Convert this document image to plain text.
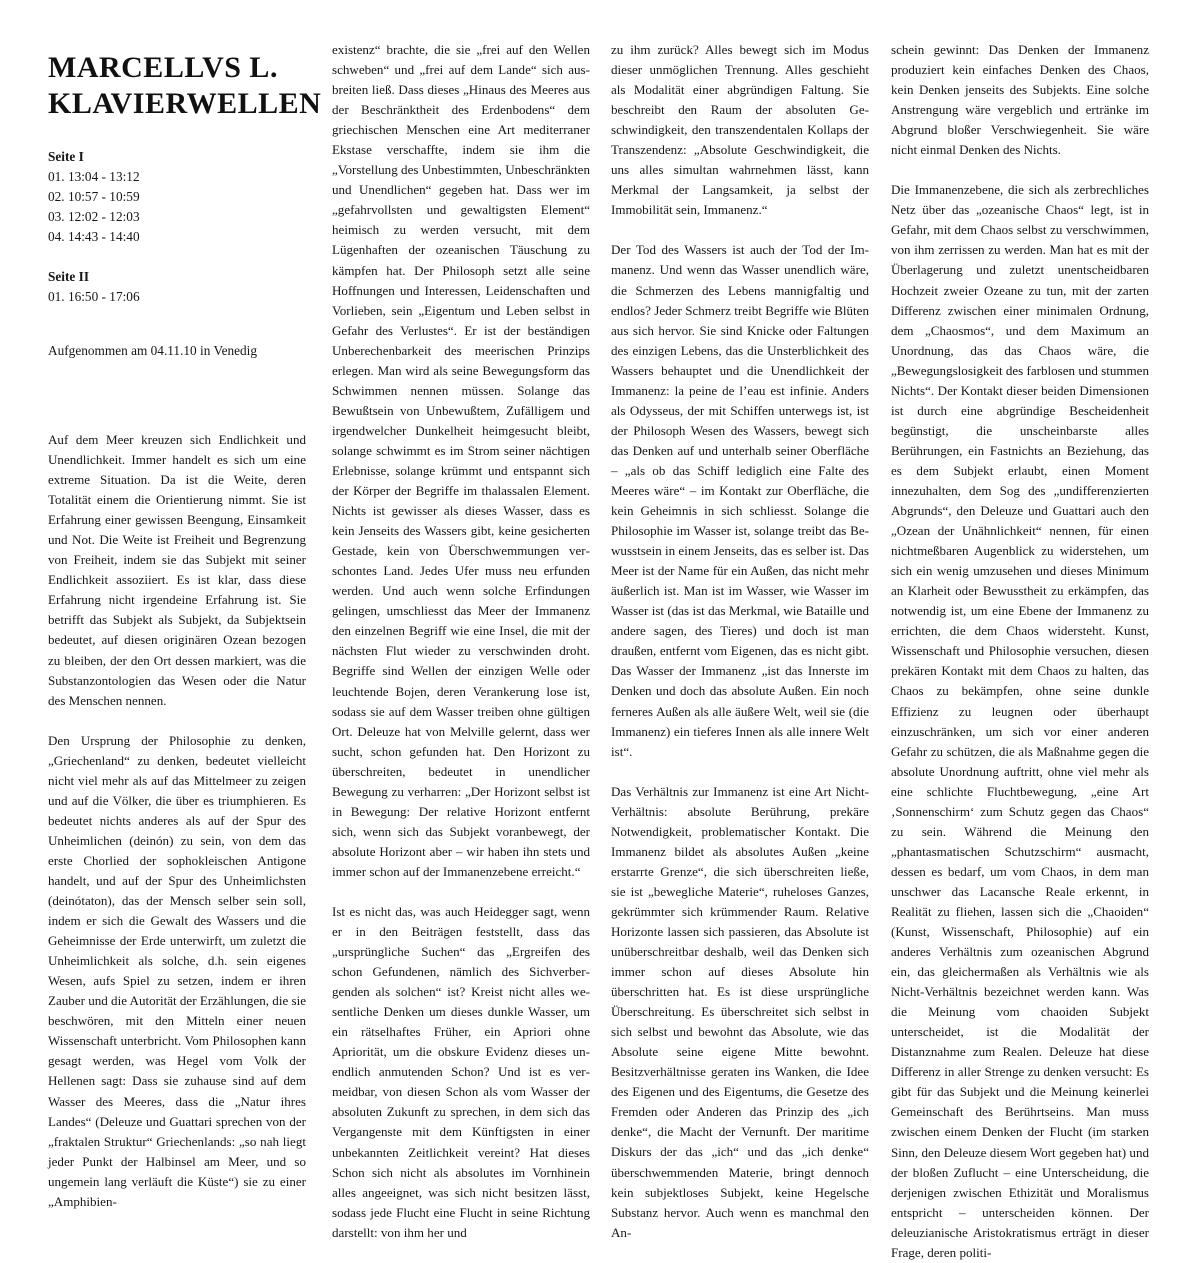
MARCELLVS L.
KLAVIERWELLEN
Seite I
01. 13:04 - 13:12
02. 10:57 - 10:59
03. 12:02 - 12:03
04. 14:43 - 14:40
Seite II
01. 16:50 - 17:06
Aufgenommen am 04.11.10 in Venedig

Auf dem Meer kreuzen sich Endlichkeit und Unendlichkeit. Immer handelt es sich um eine extreme Situation. Da ist die Weite, deren Totalität einem die Orientierung nimmt. Sie ist Erfahrung einer gewissen Beengung, Einsamkeit und Not. Die Weite ist Freiheit und Begrenzung von Freiheit, indem sie das Subjekt mit seiner Endlichkeit assoziiert. Es ist klar, dass diese Erfahrung nicht irgendeine Erfahrung ist. Sie betrifft das Subjekt als Subjekt, da Subjektsein bedeutet, auf diesen originären Ozean bezogen zu bleiben, der den Ort dessen markiert, was die Substanzontologien das Wesen oder die Natur des Menschen nennen.

Den Ursprung der Philosophie zu denken, „Griechenland“ zu denken, bedeutet vielleicht nicht viel mehr als auf das Mittelmeer zu zeigen und auf die Völker, die über es triumphieren. Es bedeutet nichts anderes als auf der Spur des Unheimlichen (deinón) zu sein, von dem das erste Chorlied der sophokleischen Antigone handelt, und auf der Spur des Unheimlichsten (deinótaton), das der Mensch selber sein soll, indem er sich die Gewalt des Wassers und die Geheimnisse der Erde unterwirft, um zuletzt die Unheimlichkeit als solche, d.h. sein eigenes Wesen, aufs Spiel zu setzen, indem er ihren Zauber und die Autorität der Erzählungen, die sie beschwören, mit den Mitteln einer neuen Wissenschaft unterbricht. Vom Philosophen kann gesagt werden, was Hegel vom Volk der Hellenen sagt: Dass sie zuhause sind auf dem Wasser des Meeres, dass die „Natur ihres Landes“ (Deleuze und Guattari sprechen von der „fraktalen Struktur“ Griechenlands: „so nah liegt jeder Punkt der Halbinsel am Meer, und so ungemein lang verläuft die Küste“) sie zu einer „Amphibien-

existenz“ brachte, die sie „frei auf den Wellen schweben“ und „frei auf dem Lande“ sich ausbreiten ließ. Dass dieses „Hinaus des Meeres aus der Beschränktheit des Erdenbodens“ dem griechischen Menschen eine Art mediterraner Ekstase verschaffte, indem sie ihm die „Vorstellung des Unbestimmten, Unbeschränkten und Unendlichen“ gegeben hat. Dass wer im „gefahrvollsten und gewaltigsten Element“ heimisch zu werden versucht, mit dem Lügenhaften der ozeanischen Täuschung zu kämpfen hat. Der Philosoph setzt alle seine Hoffnungen und Interessen, Leidenschaften und Vorlieben, sein „Eigentum und Leben selbst in Gefahr des Verlustes“. Er ist der beständigen Unberechenbarkeit des meerischen Prinzips erlegen. Man wird als seine Bewegungsform das Schwimmen nennen müssen. Solange das Bewußtsein von Unbewußtem, Zufälligem und irgendwelcher Dunkelheit heimgesucht bleibt, solange schwimmt es im Strom seiner nächtigen Erlebnisse, solange krümmt und entspannt sich der Körper der Begriffe im thalassalen Element. Nichts ist gewisser als dieses Wasser, dass es kein Jenseits des Wassers gibt, keine gesicherten Gestade, kein von Überschwemmungen verschontes Land. Jedes Ufer muss neu erfunden werden. Und auch wenn solche Erfindungen gelingen, umschliesst das Meer der Immanenz den einzelnen Begriff wie eine Insel, die mit der nächsten Flut wieder zu verschwinden droht. Begriffe sind Wellen der einzigen Welle oder leuchtende Bojen, deren Verankerung lose ist, sodass sie auf dem Wasser treiben ohne gültigen Ort. Deleuze hat von Melville gelernt, dass wer sucht, schon gefunden hat. Den Horizont zu überschreiten, bedeutet in unendlicher Bewegung zu verharren: „Der Horizont selbst ist in Bewegung: Der relative Horizont entfernt sich, wenn sich das Subjekt voranbewegt, der absolute Horizont aber – wir haben ihn stets und immer schon auf der Immanenzebene erreicht.“

Ist es nicht das, was auch Heidegger sagt, wenn er in den Beiträgen feststellt, dass das „ursprüngliche Suchen“ das „Ergreifen des schon Gefundenen, nämlich des Sichverbergenden als solchen“ ist? Kreist nicht alles wesentliche Denken um dieses dunkle Wasser, um ein rätselhaftes Früher, ein Apriori ohne Apriorität, um die obskure Evidenz dieses unendlich anmutenden Schon? Und ist es vermeidbar, von diesen Schon als vom Wasser der absoluten Zukunft zu sprechen, in dem sich das Vergangenste mit dem Künftigsten in einer unbekannten Zeitlichkeit vereint? Hat dieses Schon sich nicht als absolutes im Vornhinein alles angeeignet, was sich nicht besitzen lässt, sodass jede Flucht eine Flucht in seine Richtung darstellt: von ihm her und

zu ihm zurück? Alles bewegt sich im Modus dieser unmöglichen Trennung. Alles geschieht als Modalität einer abgründigen Faltung. Sie beschreibt den Raum der absoluten Geschwindigkeit, den transzendentalen Kollaps der Transzendenz: „Absolute Geschwindigkeit, die uns alles simultan wahrnehmen lässt, kann Merkmal der Langsamkeit, ja selbst der Immobilität sein, Immanenz.“

Der Tod des Wassers ist auch der Tod der Immanenz. Und wenn das Wasser unendlich wäre, die Schmerzen des Lebens mannigfaltig und endlos? Jeder Schmerz treibt Begriffe wie Blüten aus sich hervor. Sie sind Knicke oder Faltungen des einzigen Lebens, das die Unsterblichkeit des Wassers behauptet und die Unendlichkeit der Immanenz: la peine de l’eau est infinie. Anders als Odysseus, der mit Schiffen unterwegs ist, ist der Philosoph Wesen des Wassers, bewegt sich das Denken auf und unterhalb seiner Oberfläche – „als ob das Schiff lediglich eine Falte des Meeres wäre“ – im Kontakt zur Oberfläche, die kein Geheimnis in sich schliesst. Solange die Philosophie im Wasser ist, solange treibt das Bewusstsein in einem Jenseits, das es selber ist. Das Meer ist der Name für ein Außen, das nicht mehr äußerlich ist. Man ist im Wasser, wie Wasser im Wasser ist (das ist das Merkmal, wie Bataille und andere sagen, des Tieres) und doch ist man draußen, entfernt vom Eigenen, das es nicht gibt. Das Wasser der Immanenz „ist das Innerste im Denken und doch das absolute Außen. Ein noch ferneres Außen als alle äußere Welt, weil sie (die Immanenz) ein tieferes Innen als alle innere Welt ist“.

Das Verhältnis zur Immanenz ist eine Art Nicht-Verhältnis: absolute Berührung, prekäre Notwendigkeit, problematischer Kontakt. Die Immanenz bildet als absolutes Außen „keine erstarrte Grenze“, die sich überschreiten ließe, sie ist „bewegliche Materie“, ruheloses Ganzes, gekrümmter sich krümmender Raum. Relative Horizonte lassen sich passieren, das Absolute ist unüberschreitbar deshalb, weil das Denken sich immer schon auf dieses Absolute hin überschritten hat. Es ist diese ursprüngliche Überschreitung. Es überschreitet sich selbst in sich selbst und bewohnt das Absolute, wie das Absolute seine eigene Mitte bewohnt. Besitzverhältnisse geraten ins Wanken, die Idee des Eigenen und des Eigentums, die Gesetze des Fremden oder Anderen das Prinzip des „ich denke“, die Macht der Vernunft. Der maritime Diskurs der das „ich“ und das „ich denke“ überschwemmenden Materie, bringt dennoch kein subjektloses Subjekt, keine Hegelsche Substanz hervor. Auch wenn es manchmal den An-

schein gewinnt: Das Denken der Immanenz produziert kein einfaches Denken des Chaos, kein Denken jenseits des Subjekts. Eine solche Anstrengung wäre vergeblich und ertränke im Abgrund bloßer Verschwiegenheit. Sie wäre nicht einmal Denken des Nichts.

Die Immanenzebene, die sich als zerbrechliches Netz über das „ozeanische Chaos“ legt, ist in Gefahr, mit dem Chaos selbst zu verschwimmen, von ihm zerrissen zu werden. Man hat es mit der Überlagerung und zuletzt unentscheidbaren Hochzeit zweier Ozeane zu tun, mit der zarten Differenz zwischen einer minimalen Ordnung, dem „Chaosmos“, und dem Maximum an Unordnung, das das Chaos wäre, die „Bewegungslosigkeit des farblosen und stummen Nichts“. Der Kontakt dieser beiden Dimensionen ist durch eine abgründige Bescheidenheit begünstigt, die unscheinbarste alles Berührungen, ein Fastnichts an Beziehung, das es dem Subjekt erlaubt, einen Moment innezuhalten, dem Sog des „undifferenzierten Abgrunds“, den Deleuze und Guattari auch den „Ozean der Unähnlichkeit“ nennen, für einen nichtmeßbaren Augenblick zu widerstehen, um sich ein wenig umzusehen und dieses Minimum an Klarheit oder Bewusstheit zu erkämpfen, das notwendig ist, um eine Ebene der Immanenz zu errichten, die dem Chaos widersteht. Kunst, Wissenschaft und Philosophie versuchen, diesen prekären Kontakt mit dem Chaos zu halten, das Chaos zu bekämpfen, ohne seine dunkle Effizienz zu leugnen oder überhaupt einzuschränken, um sich vor einer anderen Gefahr zu schützen, die als Maßnahme gegen die absolute Unordnung auftritt, ohne viel mehr als eine schlichte Fluchtbewegung, „eine Art ‚Sonnenschirm‘ zum Schutz gegen das Chaos“ zu sein. Während die Meinung den „phantasmatischen Schutzschirm“ ausmacht, dessen es bedarf, um vom Chaos, in dem man unschwer das Lacansche Reale erkennt, in Realität zu fliehen, lassen sich die „Chaoiden“ (Kunst, Wissenschaft, Philosophie) auf ein anderes Verhältnis zum ozeanischen Abgrund ein, das gleichermaßen als Verhältnis wie als Nicht-Verhältnis bezeichnet werden kann. Was die Meinung vom chaoiden Subjekt unterscheidet, ist die Modalität der Distanznahme zum Realen. Deleuze hat diese Differenz in aller Strenge zu denken versucht: Es gibt für das Subjekt und die Meinung keinerlei Gemeinschaft des Berührtseins. Man muss zwischen einem Denken der Flucht (im starken Sinn, den Deleuze diesem Wort gegeben hat) und der bloßen Zuflucht – eine Unterscheidung, die derjenigen zwischen Ethizität und Moralismus entspricht – unterscheiden können. Der deleuzianische Aristokratismus erträgt in dieser Frage, deren politi-
